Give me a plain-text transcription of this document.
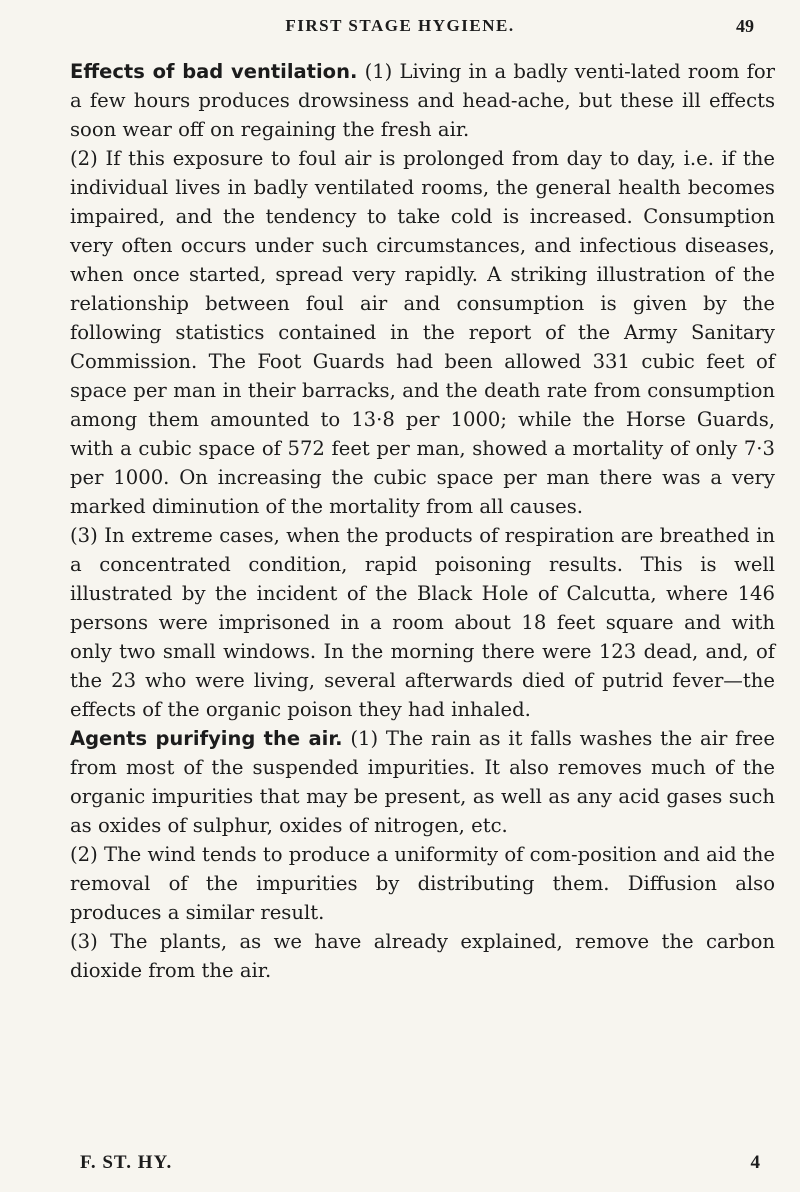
FIRST STAGE HYGIENE.	49

Effects of bad ventilation. (1) Living in a badly venti-lated room for a few hours produces drowsiness and head-ache, but these ill effects soon wear off on regaining the fresh air.

(2) If this exposure to foul air is prolonged from day to day, i.e. if the individual lives in badly ventilated rooms, the general health becomes impaired, and the tendency to take cold is increased. Consumption very often occurs under such circumstances, and infectious diseases, when once started, spread very rapidly. A striking illustration of the relationship between foul air and consumption is given by the following statistics contained in the report of the Army Sanitary Commission. The Foot Guards had been allowed 331 cubic feet of space per man in their barracks, and the death rate from consumption among them amounted to 13·8 per 1000; while the Horse Guards, with a cubic space of 572 feet per man, showed a mortality of only 7·3 per 1000. On increasing the cubic space per man there was a very marked diminution of the mortality from all causes.

(3) In extreme cases, when the products of respiration are breathed in a concentrated condition, rapid poisoning results. This is well illustrated by the incident of the Black Hole of Calcutta, where 146 persons were imprisoned in a room about 18 feet square and with only two small windows. In the morning there were 123 dead, and, of the 23 who were living, several afterwards died of putrid fever—the effects of the organic poison they had inhaled.

Agents purifying the air. (1) The rain as it falls washes the air free from most of the suspended impurities. It also removes much of the organic impurities that may be present, as well as any acid gases such as oxides of sulphur, oxides of nitrogen, etc.

(2) The wind tends to produce a uniformity of com-position and aid the removal of the impurities by distributing them. Diffusion also produces a similar result.

(3) The plants, as we have already explained, remove the carbon dioxide from the air.

F. ST. HY.	4
